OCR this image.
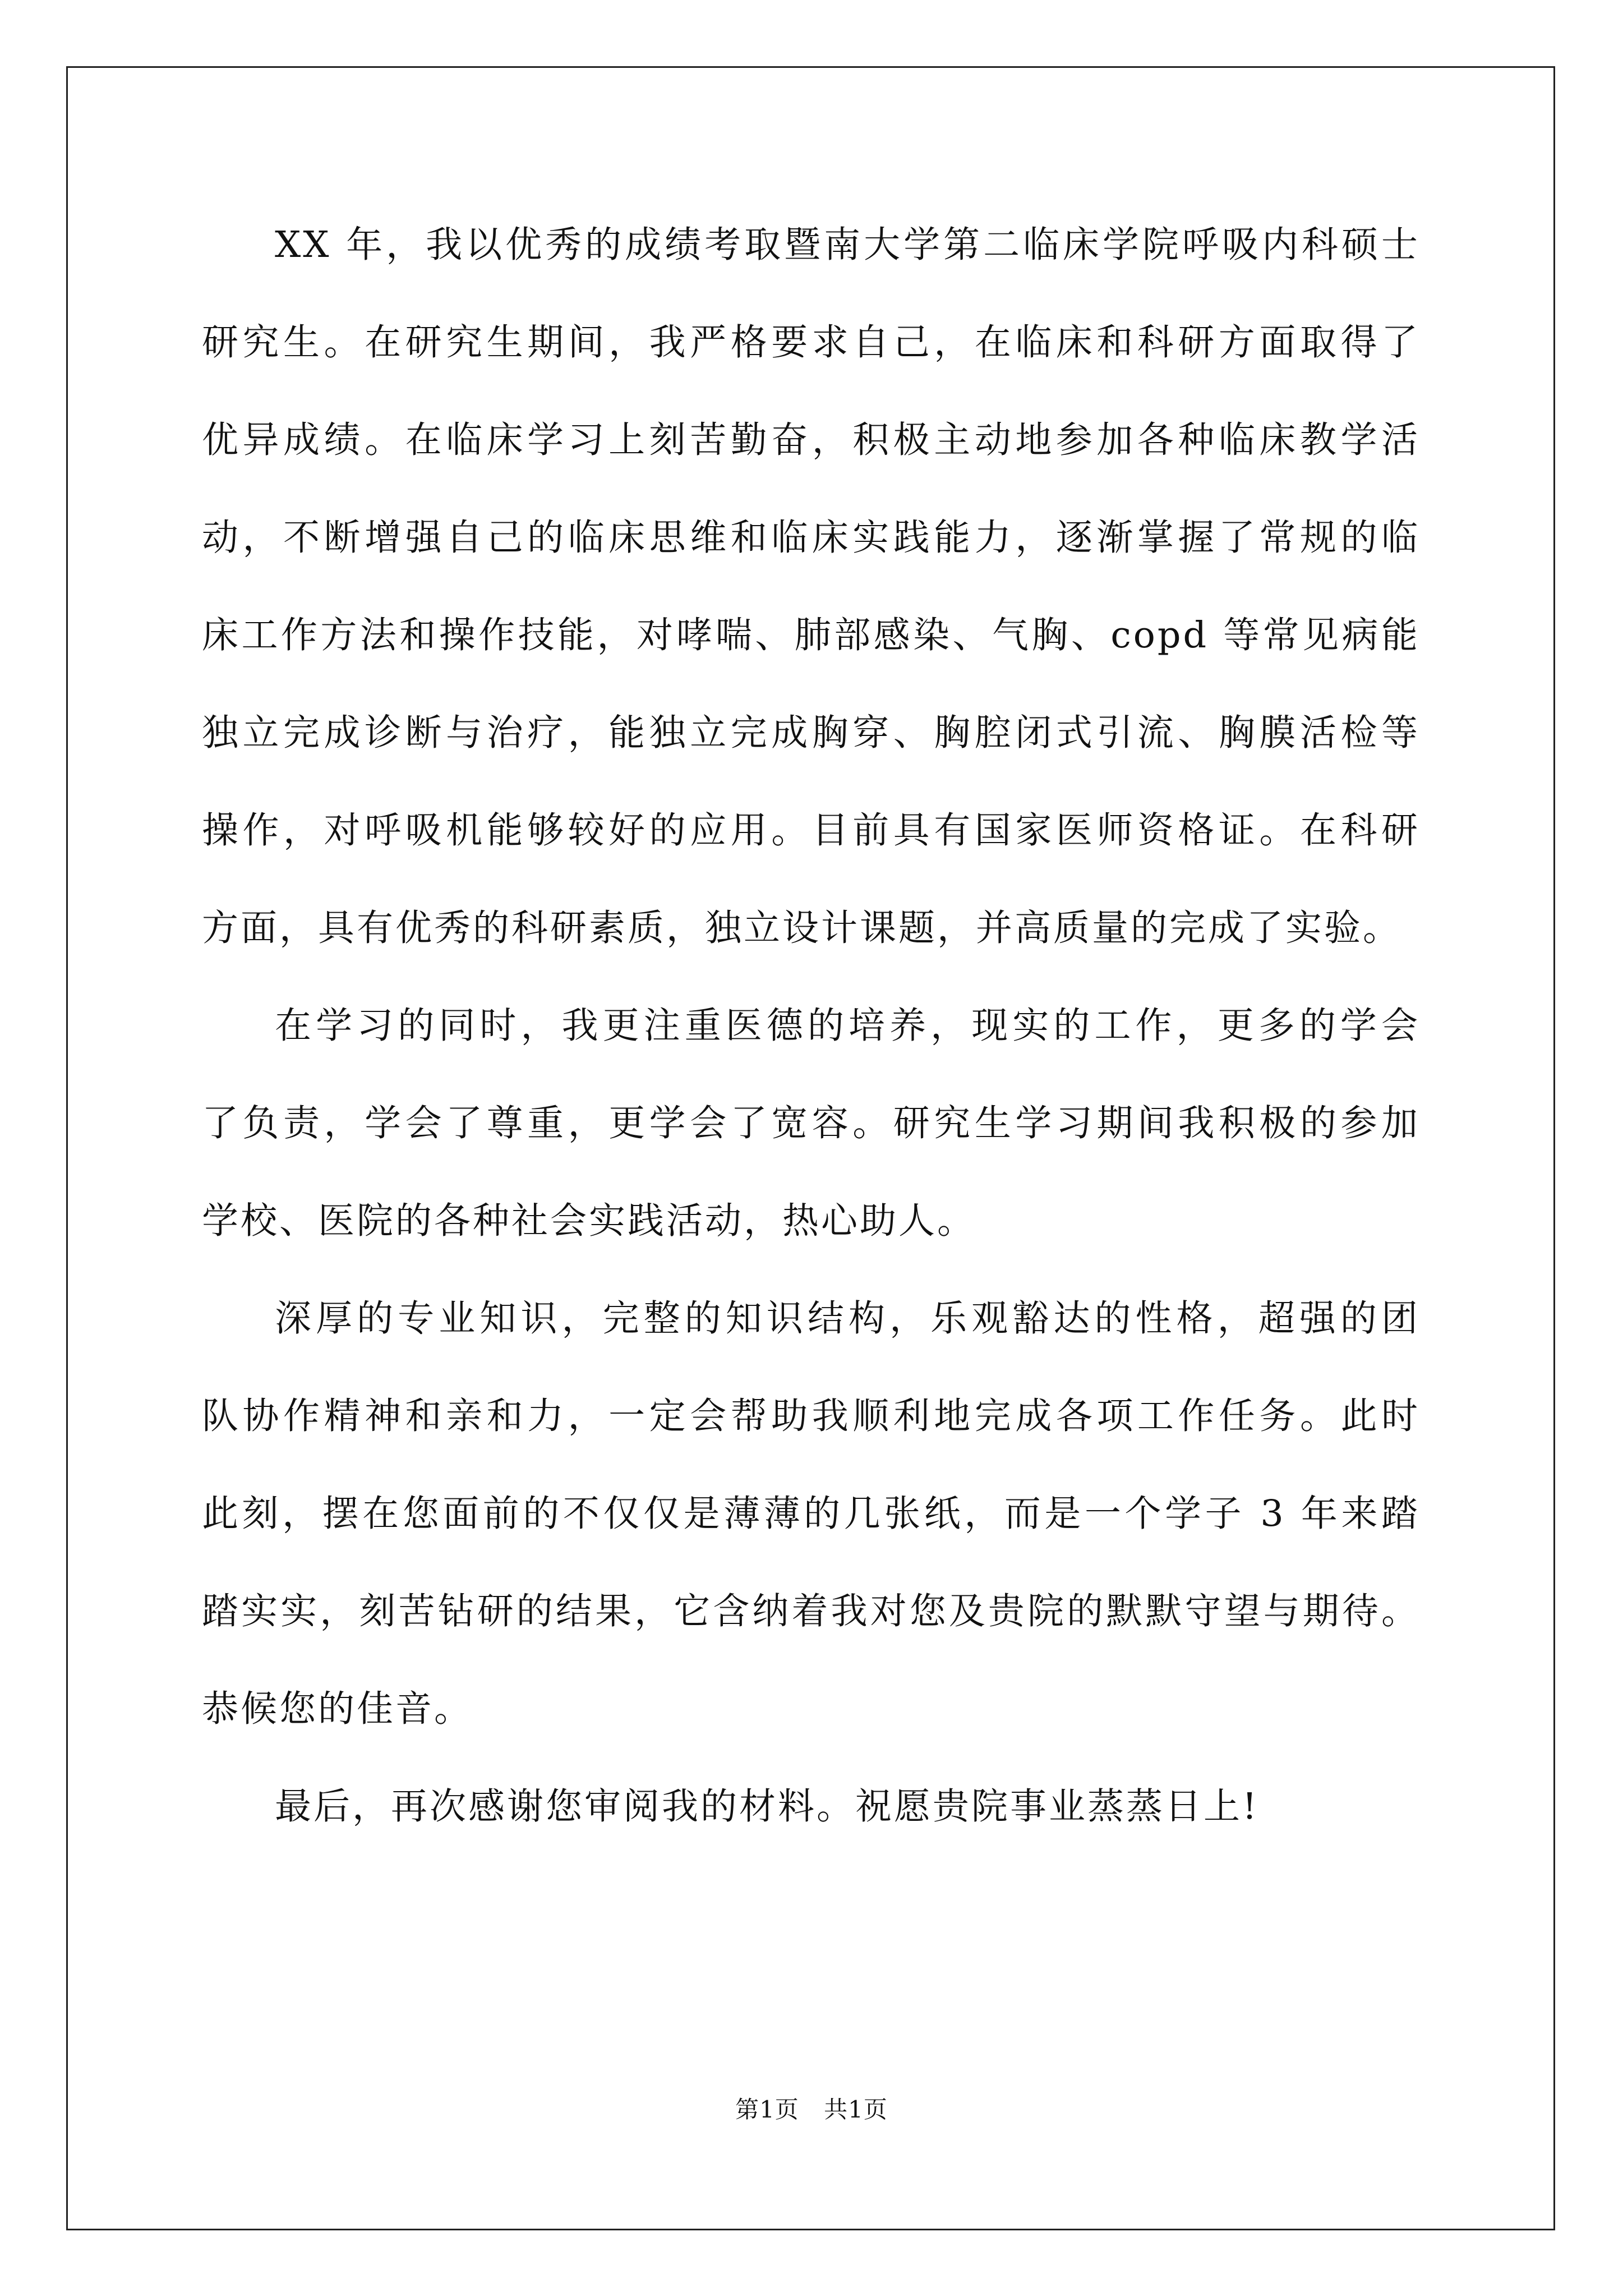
XX 年，我以优秀的成绩考取暨南大学第二临床学院呼吸内科硕士
研究生。在研究生期间，我严格要求自己，在临床和科研方面取得了
优异成绩。在临床学习上刻苦勤奋，积极主动地参加各种临床教学活
动，不断增强自己的临床思维和临床实践能力，逐渐掌握了常规的临
床工作方法和操作技能，对哮喘、肺部感染、气胸、copd 等常见病能
独立完成诊断与治疗，能独立完成胸穿、胸腔闭式引流、胸膜活检等
操作，对呼吸机能够较好的应用。目前具有国家医师资格证。在科研
方面，具有优秀的科研素质，独立设计课题，并高质量的完成了实验。
在学习的同时，我更注重医德的培养，现实的工作，更多的学会
了负责，学会了尊重，更学会了宽容。研究生学习期间我积极的参加
学校、医院的各种社会实践活动，热心助人。
深厚的专业知识，完整的知识结构，乐观豁达的性格，超强的团
队协作精神和亲和力，一定会帮助我顺利地完成各项工作任务。此时
此刻，摆在您面前的不仅仅是薄薄的几张纸，而是一个学子 3 年来踏
踏实实，刻苦钻研的结果，它含纳着我对您及贵院的默默守望与期待。
恭候您的佳音。
最后，再次感谢您审阅我的材料。祝愿贵院事业蒸蒸日上!
第1页 共1页
